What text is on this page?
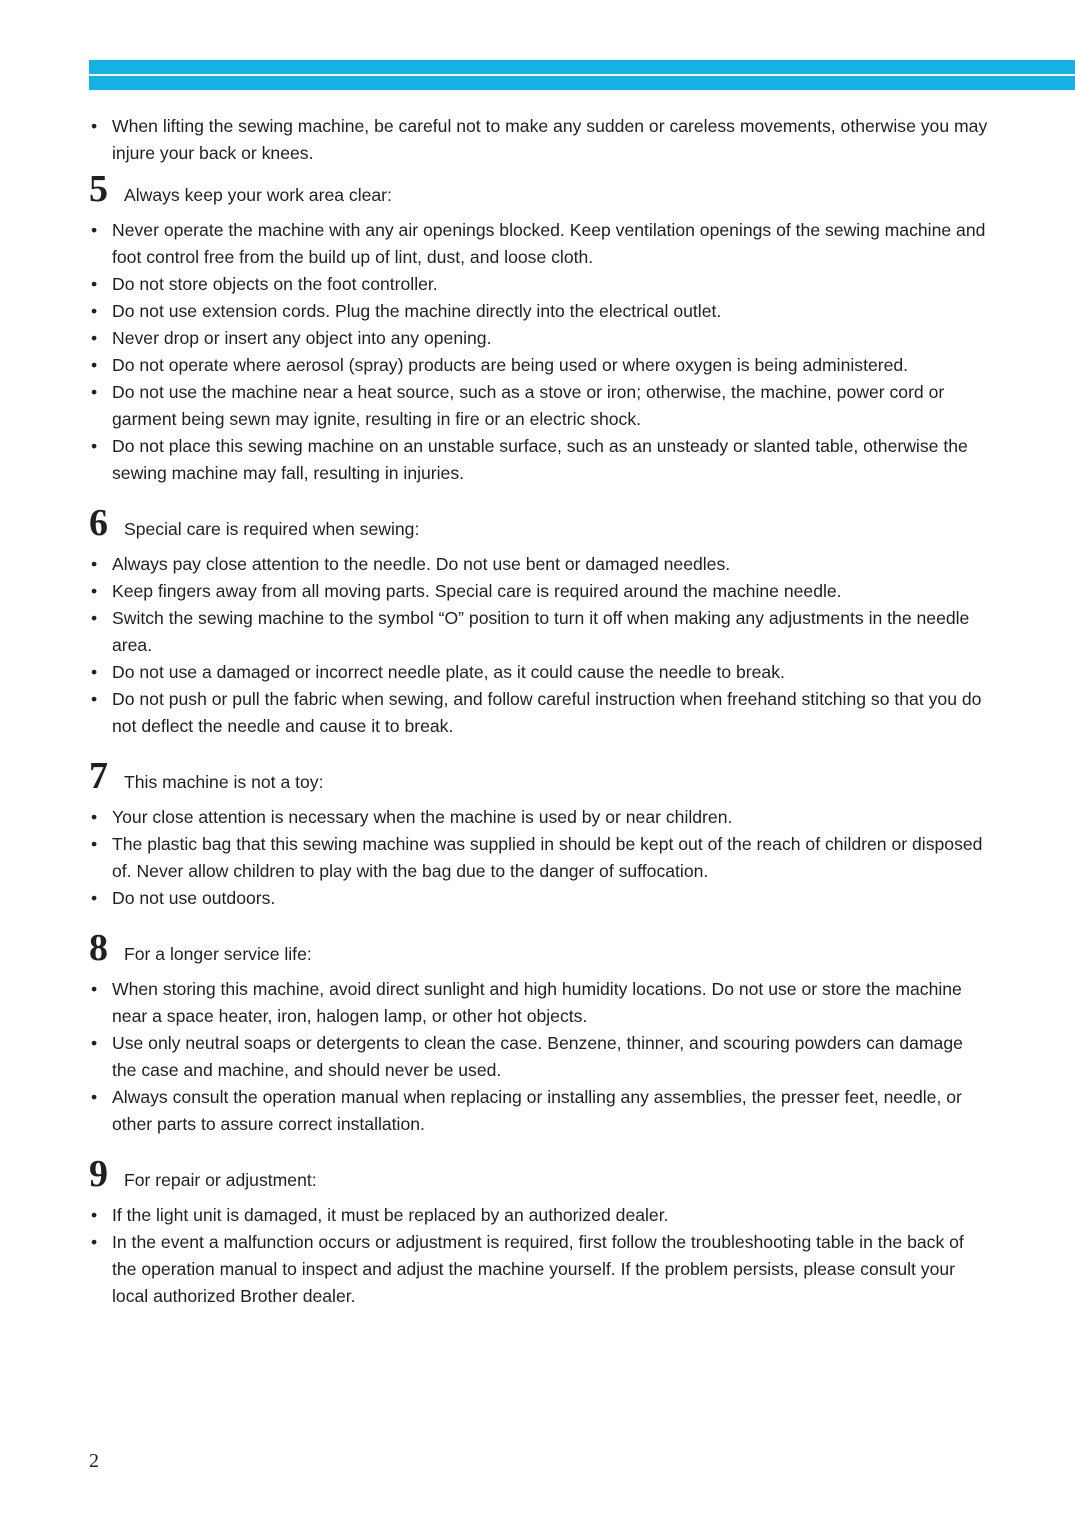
• When lifting the sewing machine, be careful not to make any sudden or careless movements, otherwise you may injure your back or knees.
5 Always keep your work area clear:
• Never operate the machine with any air openings blocked. Keep ventilation openings of the sewing machine and foot control free from the build up of lint, dust, and loose cloth.
• Do not store objects on the foot controller.
• Do not use extension cords. Plug the machine directly into the electrical outlet.
• Never drop or insert any object into any opening.
• Do not operate where aerosol (spray) products are being used or where oxygen is being administered.
• Do not use the machine near a heat source, such as a stove or iron; otherwise, the machine, power cord or garment being sewn may ignite, resulting in fire or an electric shock.
• Do not place this sewing machine on an unstable surface, such as an unsteady or slanted table, otherwise the sewing machine may fall, resulting in injuries.
6 Special care is required when sewing:
• Always pay close attention to the needle. Do not use bent or damaged needles.
• Keep fingers away from all moving parts. Special care is required around the machine needle.
• Switch the sewing machine to the symbol “O” position to turn it off when making any adjustments in the needle area.
• Do not use a damaged or incorrect needle plate, as it could cause the needle to break.
• Do not push or pull the fabric when sewing, and follow careful instruction when freehand stitching so that you do not deflect the needle and cause it to break.
7 This machine is not a toy:
• Your close attention is necessary when the machine is used by or near children.
• The plastic bag that this sewing machine was supplied in should be kept out of the reach of children or disposed of. Never allow children to play with the bag due to the danger of suffocation.
• Do not use outdoors.
8 For a longer service life:
• When storing this machine, avoid direct sunlight and high humidity locations. Do not use or store the machine near a space heater, iron, halogen lamp, or other hot objects.
• Use only neutral soaps or detergents to clean the case. Benzene, thinner, and scouring powders can damage the case and machine, and should never be used.
• Always consult the operation manual when replacing or installing any assemblies, the presser feet, needle, or other parts to assure correct installation.
9 For repair or adjustment:
• If the light unit is damaged, it must be replaced by an authorized dealer.
• In the event a malfunction occurs or adjustment is required, first follow the troubleshooting table in the back of the operation manual to inspect and adjust the machine yourself. If the problem persists, please consult your local authorized Brother dealer.
2
